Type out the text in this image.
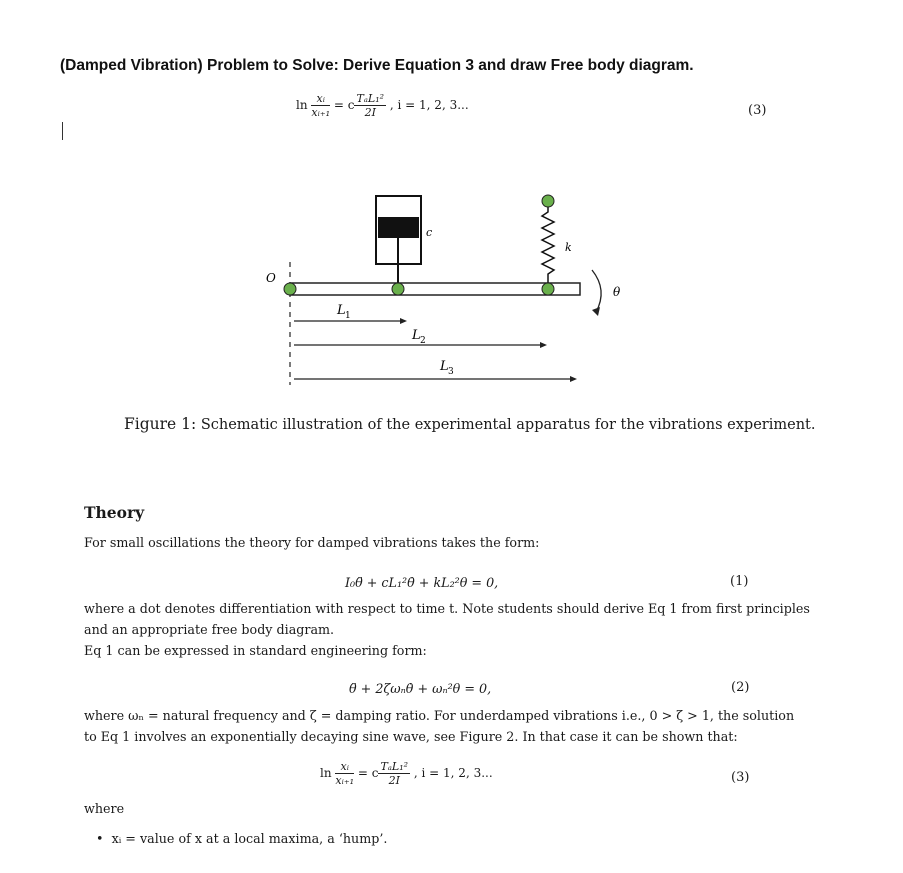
(Damped Vibration) Problem to Solve: Derive Equation 3 and draw Free body diagram.
$\ln \frac{\text{xᵢ}}{\text{xᵢ₊₁}} = c \frac{\text{TₐL₁²}}{2I}$ , i = 1, 2, 3...	(3)
O
c
k
θ
L 1
L 2
L 3
Figure 1: Schematic illustration of the experimental apparatus for the vibrations experiment.
Theory
For small oscillations the theory for damped vibrations takes the form:
I₀θ̈ + cL₁²θ̇ + kL₂²θ = 0,	(1)
where a dot denotes differentiation with respect to time t. Note students should derive Eq 1 from first principles
and an appropriate free body diagram.
Eq 1 can be expressed in standard engineering form:
θ̈ + 2ζωₙθ̇ + ωₙ²θ = 0,	(2)
where ωₙ = natural frequency and ζ = damping ratio. For underdamped vibrations i.e., 0 > ζ > 1, the solution
to Eq 1 involves an exponentially decaying sine wave, see Figure 2. In that case it can be shown that:
$\ln \frac{\text{xᵢ}}{\text{xᵢ₊₁}} = c \frac{\text{TₐL₁²}}{2I}$ , i = 1, 2, 3...	(3)
where
•  xᵢ = value of x at a local maxima, a ‘hump’.
